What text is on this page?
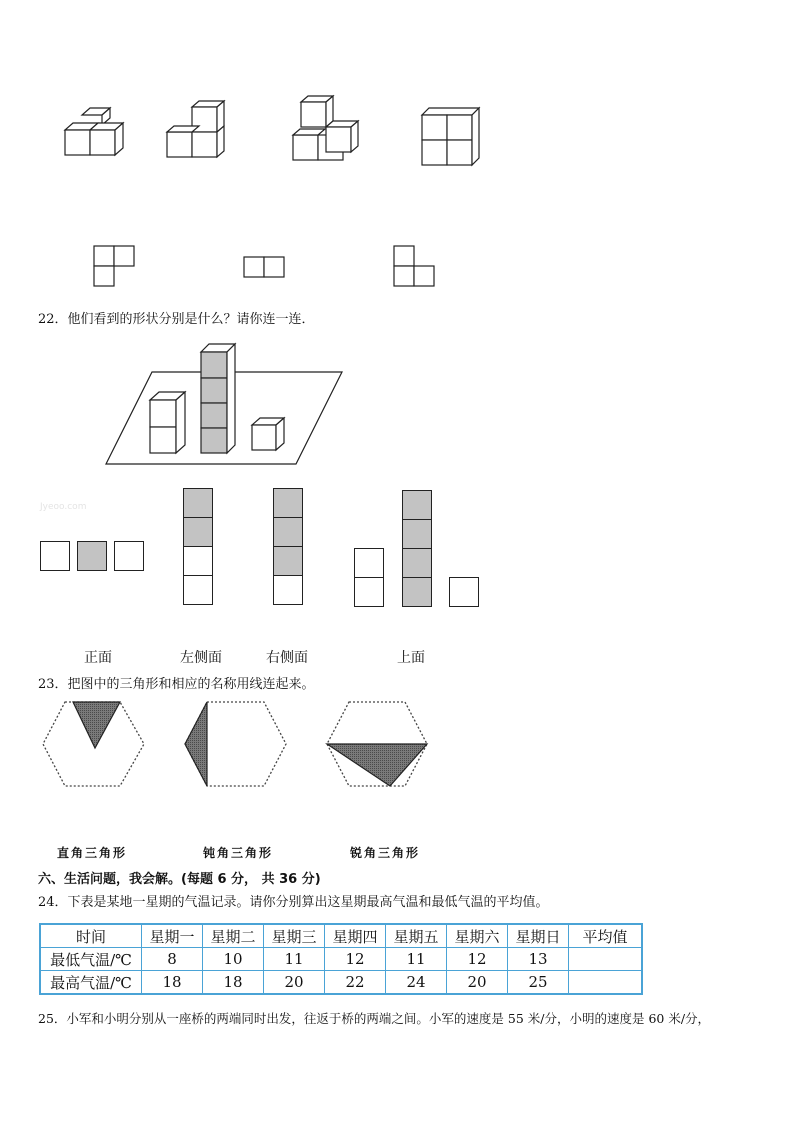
22．他们看到的形状分别是什么？请你连一连．
Jyeoo.com
正面	左侧面	右侧面	上面
23．把图中的三角形和相应的名称用线连起来。
直角三角形	钝角三角形	锐角三角形
六、生活问题，我会解。(每题 6 分， 共 36 分)
24．下表是某地一星期的气温记录。请你分别算出这星期最高气温和最低气温的平均值。
时间	星期一	星期二	星期三	星期四	星期五	星期六	星期日	平均值
最低气温/℃	8	10	11	12	11	12	13	
最高气温/℃	18	18	20	22	24	20	25	
25．小军和小明分别从一座桥的两端同时出发，往返于桥的两端之间。小军的速度是 55 米/分，小明的速度是 60 米/分，
